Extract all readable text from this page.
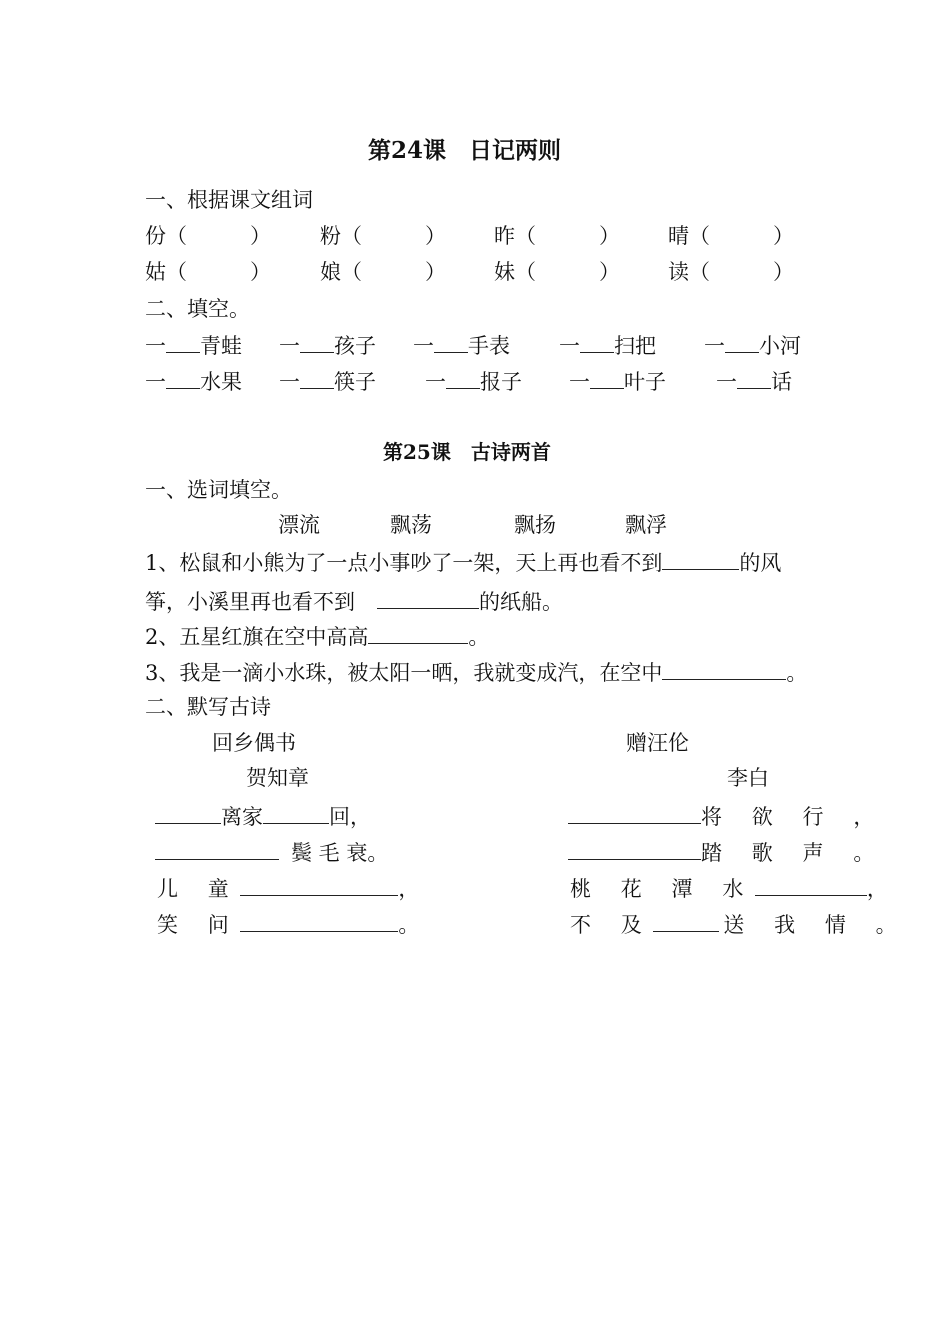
第24课　日记两则
一、根据课文组词
份（　　　） 粉（　　　） 昨（　　　） 晴（　　　）
姑（　　　） 娘（　　　） 妹（　　　） 读（　　　）
二、填空。
一 青蛙 一 孩子 一 手表 一 扫把 一 小河
一 水果 一 筷子 一 报子 一 叶子 一 话
第25课　古诗两首
一、选词填空。
漂流	飘荡	飘扬	飘浮
1、松鼠和小熊为了一点小事吵了一架，天上再也看不到	的风
筝，小溪里再也看不到	的纸船。
2、五星红旗在空中高高	。
3、我是一滴小水珠，被太阳一晒，我就变成汽，在空中	。
二、默写古诗
回乡偶书
贺知章
离家	回，
鬓 毛 衰。
儿 童	，
笑 问	。
赠汪伦
李白
将 欲 行 ，
踏 歌 声 。
桃 花 潭 水	，
不 及	送 我 情 。
